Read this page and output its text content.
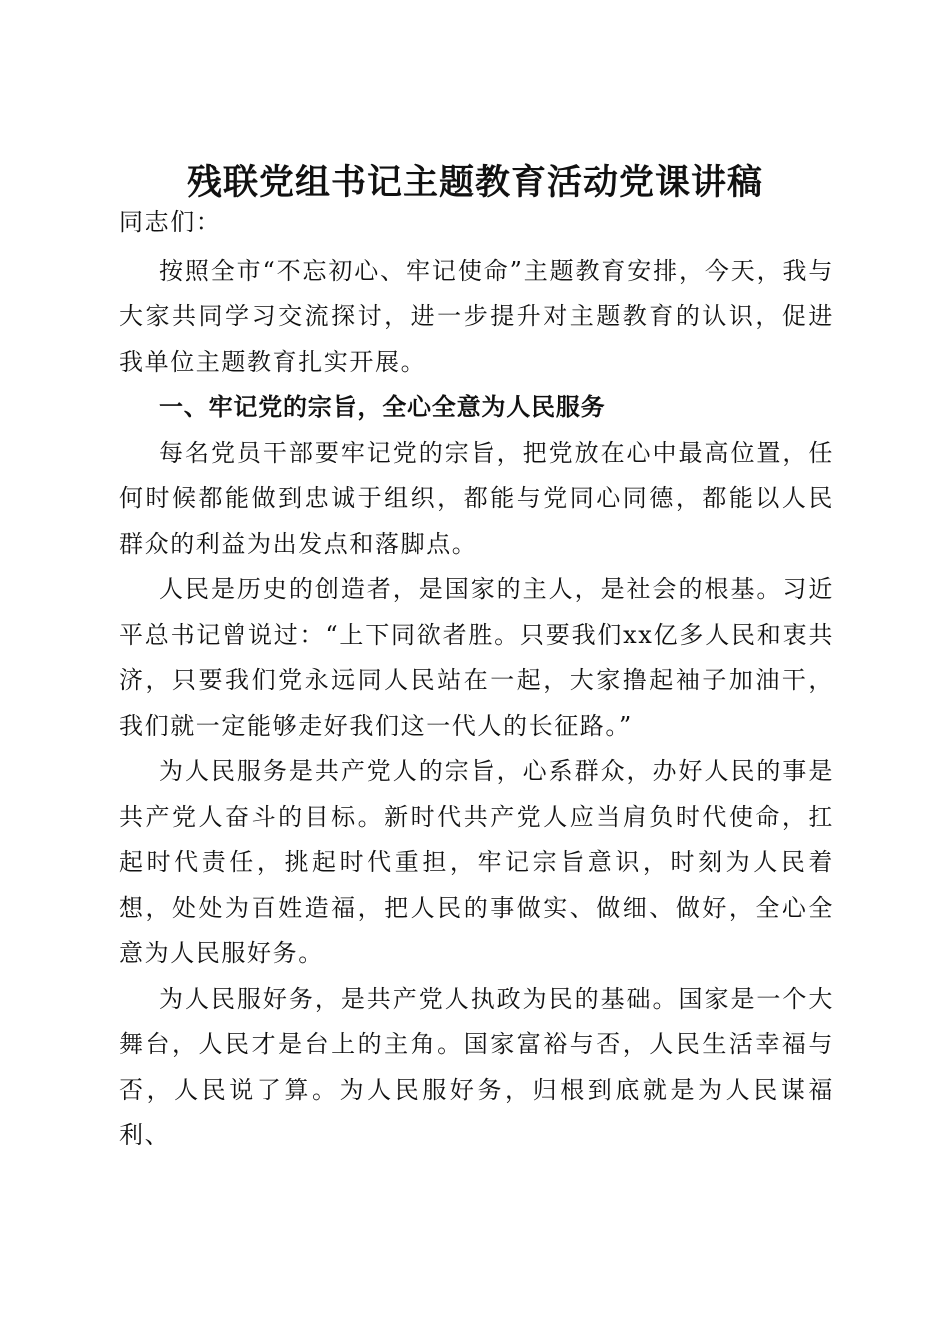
残联党组书记主题教育活动党课讲稿

同志们：

按照全市“不忘初心、牢记使命”主题教育安排，今天，我与大家共同学习交流探讨，进一步提升对主题教育的认识，促进我单位主题教育扎实开展。

一、牢记党的宗旨，全心全意为人民服务

每名党员干部要牢记党的宗旨，把党放在心中最高位置，任何时候都能做到忠诚于组织，都能与党同心同德，都能以人民群众的利益为出发点和落脚点。

人民是历史的创造者，是国家的主人，是社会的根基。习近平总书记曾说过：“上下同欲者胜。只要我们xx亿多人民和衷共济，只要我们党永远同人民站在一起，大家撸起袖子加油干，我们就一定能够走好我们这一代人的长征路。”

为人民服务是共产党人的宗旨，心系群众，办好人民的事是共产党人奋斗的目标。新时代共产党人应当肩负时代使命，扛起时代责任，挑起时代重担，牢记宗旨意识，时刻为人民着想，处处为百姓造福，把人民的事做实、做细、做好，全心全意为人民服好务。

为人民服好务，是共产党人执政为民的基础。国家是一个大舞台，人民才是台上的主角。国家富裕与否，人民生活幸福与否，人民说了算。为人民服好务，归根到底就是为人民谋福利、
